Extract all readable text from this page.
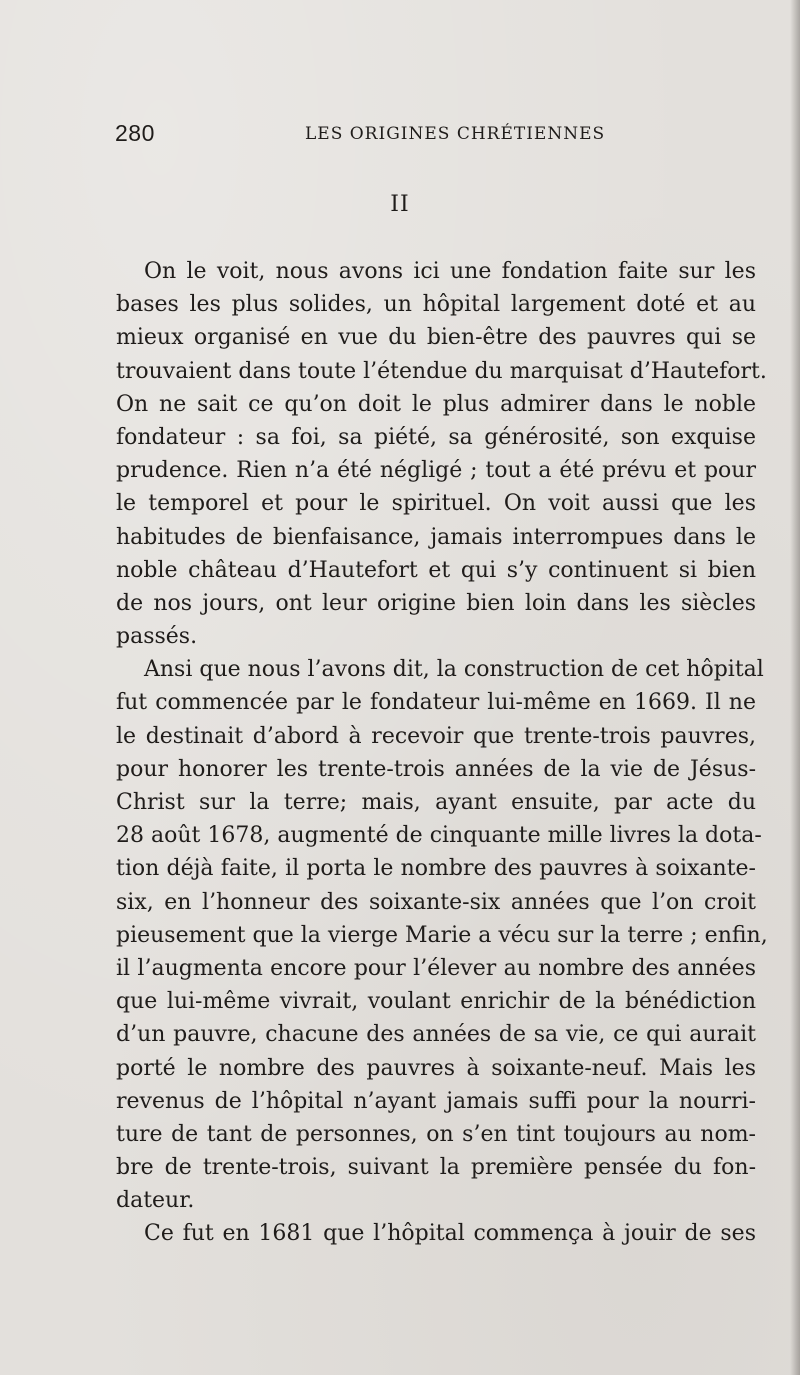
280	LES ORIGINES CHRÉTIENNES
II
On le voit, nous avons ici une fondation faite sur les
bases les plus solides, un hôpital largement doté et au
mieux organisé en vue du bien-être des pauvres qui se
trouvaient dans toute l’étendue du marquisat d’Hautefort.
On ne sait ce qu’on doit le plus admirer dans le noble
fondateur : sa foi, sa piété, sa générosité, son exquise
prudence. Rien n’a été négligé ; tout a été prévu et pour
le temporel et pour le spirituel. On voit aussi que les
habitudes de bienfaisance, jamais interrompues dans le
noble château d’Hautefort et qui s’y continuent si bien
de nos jours, ont leur origine bien loin dans les siècles
passés.
Ansi que nous l’avons dit, la construction de cet hôpital
fut commencée par le fondateur lui-même en 1669. Il ne
le destinait d’abord à recevoir que trente-trois pauvres,
pour honorer les trente-trois années de la vie de Jésus-
Christ sur la terre; mais, ayant ensuite, par acte du
28 août 1678, augmenté de cinquante mille livres la dota-
tion déjà faite, il porta le nombre des pauvres à soixante-
six, en l’honneur des soixante-six années que l’on croit
pieusement que la vierge Marie a vécu sur la terre ; enfin,
il l’augmenta encore pour l’élever au nombre des années
que lui-même vivrait, voulant enrichir de la bénédiction
d’un pauvre, chacune des années de sa vie, ce qui aurait
porté le nombre des pauvres à soixante-neuf. Mais les
revenus de l’hôpital n’ayant jamais suffi pour la nourri-
ture de tant de personnes, on s’en tint toujours au nom-
bre de trente-trois, suivant la première pensée du fon-
dateur.
Ce fut en 1681 que l’hôpital commença à jouir de ses
